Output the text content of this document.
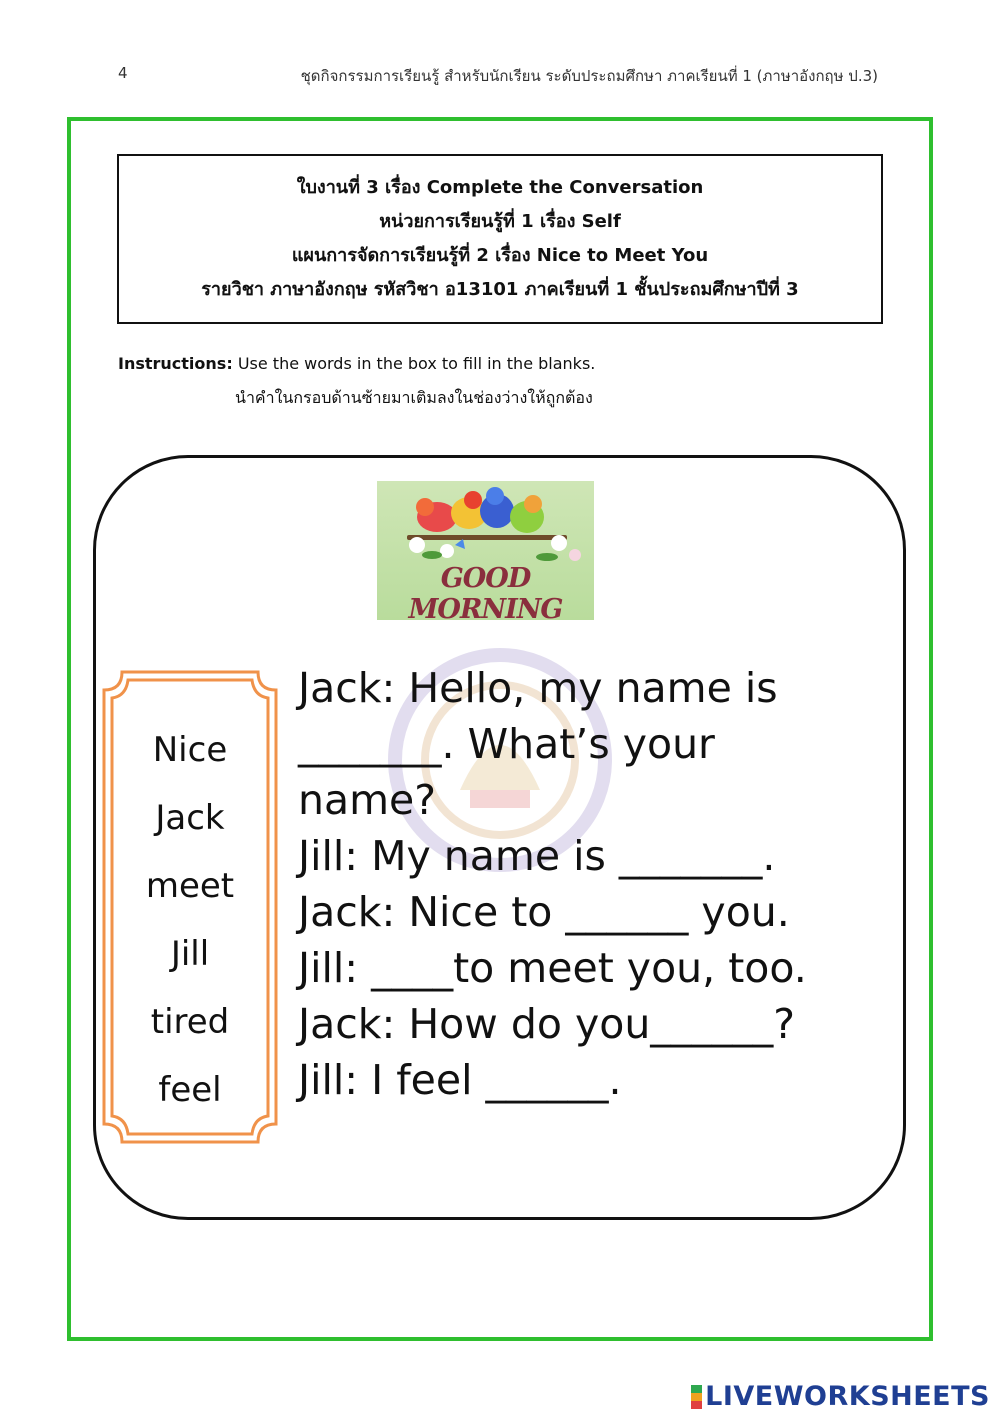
4	ชุดกิจกรรมการเรียนรู้ สำหรับนักเรียน ระดับประถมศึกษา ภาคเรียนที่ 1 (ภาษาอังกฤษ ป.3)
ใบงานที่ 3 เรื่อง Complete the Conversation
หน่วยการเรียนรู้ที่ 1 เรื่อง Self
แผนการจัดการเรียนรู้ที่ 2 เรื่อง Nice to Meet You
รายวิชา ภาษาอังกฤษ รหัสวิชา อ13101 ภาคเรียนที่ 1 ชั้นประถมศึกษาปีที่ 3
Instructions: Use the words in the box to fill in the blanks.
นำคำในกรอบด้านซ้ายมาเติมลงในช่องว่างให้ถูกต้อง
GOOD MORNING
Nice
Jack
meet
Jill
tired
feel

Jack: Hello, my name is

_______. What’s your

name?

Jill: My name is _______.

Jack: Nice to ______ you.

Jill: ____to meet you, too.

Jack: How do you______?

Jill: I feel ______.

LIVEWORKSHEETS
